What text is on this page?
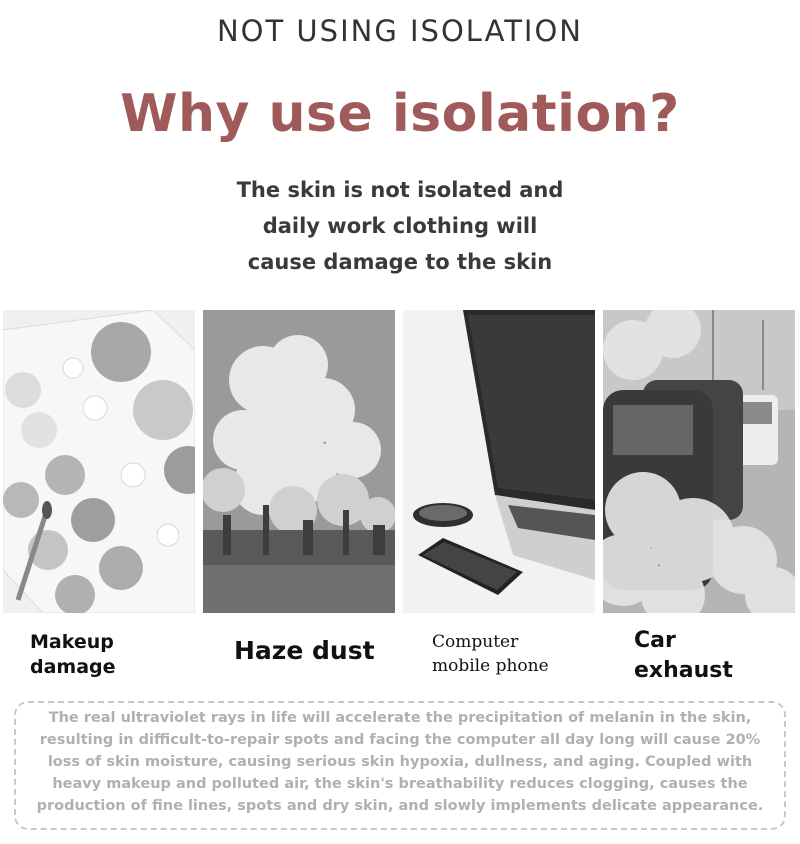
NOT USING ISOLATION
Why use isolation?
The skin is not isolated and
daily work clothing will
cause damage to the skin
Makeup
damage
Haze dust	Computer
mobile phone
Car
exhaust
The real ultraviolet rays in life will accelerate the precipitation of melanin in the skin,
resulting in difficult-to-repair spots and facing the computer all day long will cause 20%
loss of skin moisture, causing serious skin hypoxia, dullness, and aging. Coupled with
heavy makeup and polluted air, the skin's breathability reduces clogging, causes the
production of fine lines, spots and dry skin, and slowly implements delicate appearance.
